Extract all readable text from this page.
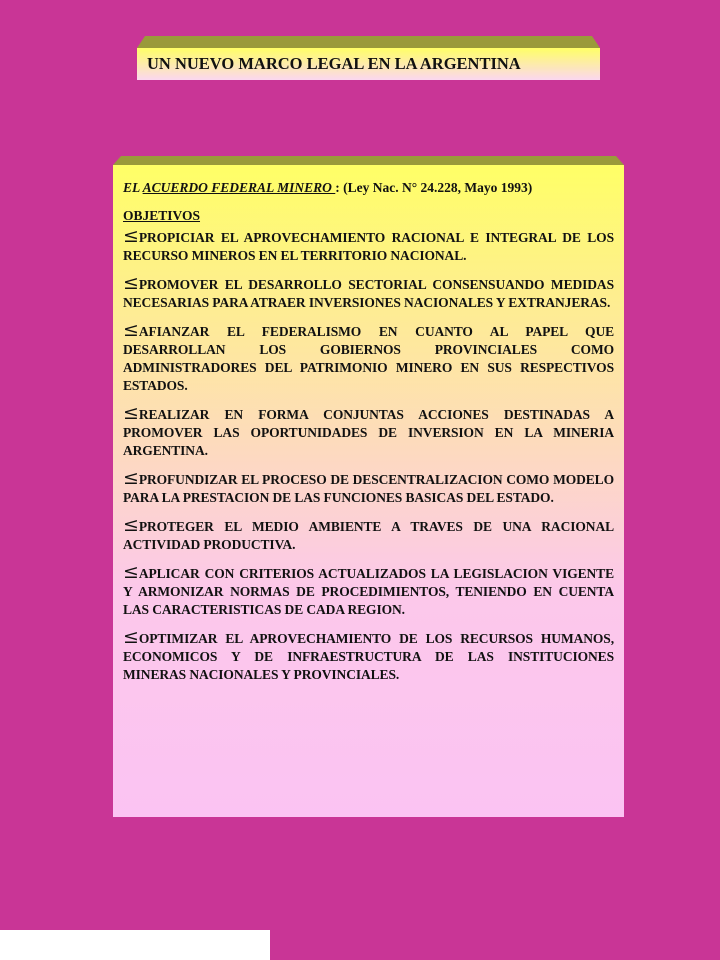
UN NUEVO MARCO LEGAL EN LA ARGENTINA

EL ACUERDO FEDERAL MINERO : (Ley Nac. N° 24.228, Mayo 1993)

OBJETIVOS

≤PROPICIAR EL APROVECHAMIENTO RACIONAL E INTEGRAL DE LOS RECURSO MINEROS EN EL TERRITORIO NACIONAL.

≤PROMOVER EL DESARROLLO SECTORIAL CONSENSUANDO MEDIDAS NECESARIAS PARA ATRAER INVERSIONES NACIONALES Y EXTRANJERAS.

≤AFIANZAR EL FEDERALISMO EN CUANTO AL PAPEL QUE DESARROLLAN LOS GOBIERNOS PROVINCIALES COMO ADMINISTRADORES DEL PATRIMONIO MINERO EN SUS RESPECTIVOS ESTADOS.

≤REALIZAR EN FORMA CONJUNTAS ACCIONES DESTINADAS A PROMOVER LAS OPORTUNIDADES DE INVERSION EN LA MINERIA ARGENTINA.

≤PROFUNDIZAR EL PROCESO DE DESCENTRALIZACION COMO MODELO PARA LA PRESTACION DE LAS FUNCIONES BASICAS DEL ESTADO.

≤PROTEGER EL MEDIO AMBIENTE A TRAVES DE UNA RACIONAL ACTIVIDAD PRODUCTIVA.

≤APLICAR CON CRITERIOS ACTUALIZADOS LA LEGISLACION VIGENTE Y ARMONIZAR NORMAS DE PROCEDIMIENTOS, TENIENDO EN CUENTA LAS CARACTERISTICAS DE CADA REGION.

≤OPTIMIZAR EL APROVECHAMIENTO DE LOS RECURSOS HUMANOS, ECONOMICOS Y DE INFRAESTRUCTURA DE LAS INSTITUCIONES MINERAS NACIONALES Y PROVINCIALES.
